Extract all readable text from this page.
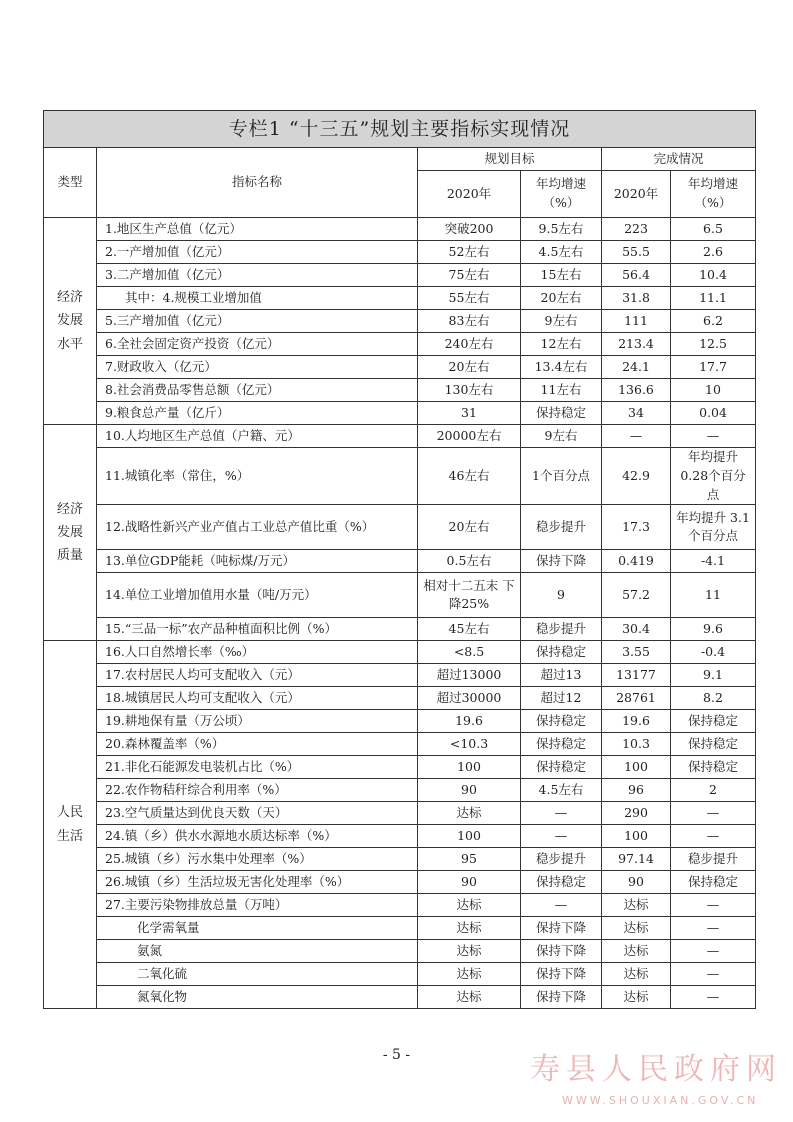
专栏1 “十三五”规划主要指标实现情况					
类型	指标名称	规划目标		完成情况	
		2020年	年均增速（%）	2020年	年均增速（%）
经济
发展
水平	1.地区生产总值（亿元）	突破200	9.5左右	223	6.5
	2.一产增加值（亿元）	52左右	4.5左右	55.5	2.6
	3.二产增加值（亿元）	75左右	15左右	56.4	10.4
	其中：4.规模工业增加值	55左右	20左右	31.8	11.1
	5.三产增加值（亿元）	83左右	9左右	111	6.2
	6.全社会固定资产投资（亿元）	240左右	12左右	213.4	12.5
	7.财政收入（亿元）	20左右	13.4左右	24.1	17.7
	8.社会消费品零售总额（亿元）	130左右	11左右	136.6	10
	9.粮食总产量（亿斤）	31	保持稳定	34	0.04
经济
发展
质量	10.人均地区生产总值（户籍、元）	20000左右	9左右	—	—
	11.城镇化率（常住，%）	46左右	1个百分点	42.9	年均提升 0.28个百分点
	12.战略性新兴产业产值占工业总产值比重（%）	20左右	稳步提升	17.3	年均提升 3.1个百分点
	13.单位GDP能耗（吨标煤/万元）	0.5左右	保持下降	0.419	-4.1
	14.单位工业增加值用水量（吨/万元）	相对十二五末 下降25%	9	57.2	11
	15.“三品一标”农产品种植面积比例（%）	45左右	稳步提升	30.4	9.6
人民
生活	16.人口自然增长率（‰）	<8.5	保持稳定	3.55	-0.4
	17.农村居民人均可支配收入（元）	超过13000	超过13	13177	9.1
	18.城镇居民人均可支配收入（元）	超过30000	超过12	28761	8.2
	19.耕地保有量（万公顷）	19.6	保持稳定	19.6	保持稳定
	20.森林覆盖率（%）	<10.3	保持稳定	10.3	保持稳定
	21.非化石能源发电装机占比（%）	100	保持稳定	100	保持稳定
	22.农作物秸秆综合利用率（%）	90	4.5左右	96	2
	23.空气质量达到优良天数（天）	达标	—	290	—
	24.镇（乡）供水水源地水质达标率（%）	100	—	100	—
	25.城镇（乡）污水集中处理率（%）	95	稳步提升	97.14	稳步提升
	26.城镇（乡）生活垃圾无害化处理率（%）	90	保持稳定	90	保持稳定
	27.主要污染物排放总量（万吨）	达标	—	达标	—
	化学需氧量	达标	保持下降	达标	—
	氨氮	达标	保持下降	达标	—
	二氧化硫	达标	保持下降	达标	—
	氮氧化物	达标	保持下降	达标	—
- 5 -	寿县人民政府网
WWW.SHOUXIAN.GOV.CN
